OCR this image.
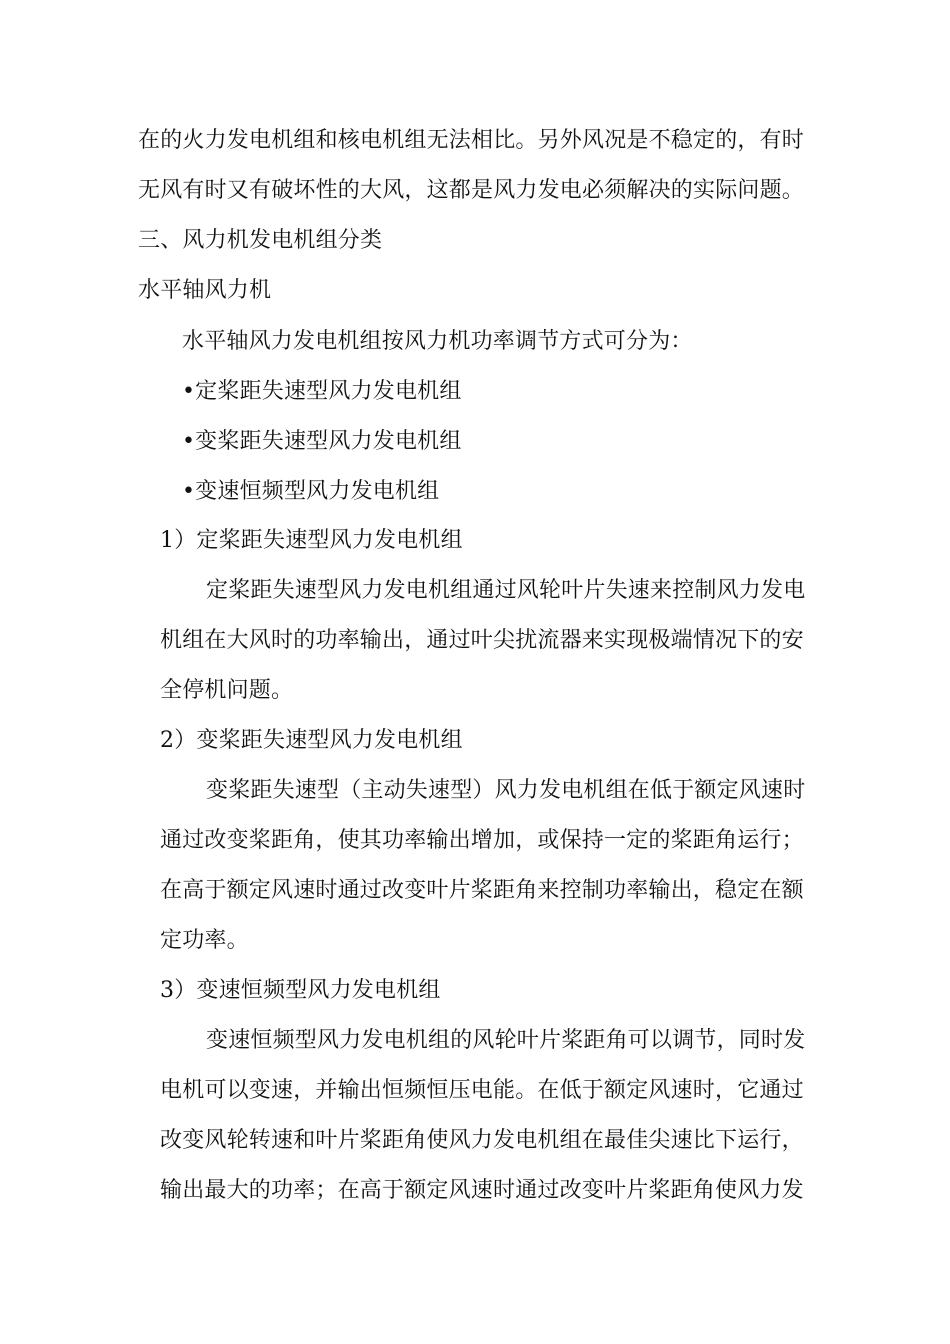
在的火力发电机组和核电机组无法相比。另外风况是不稳定的，有时
无风有时又有破坏性的大风，这都是风力发电必须解决的实际问题。
三、风力机发电机组分类
水平轴风力机
水平轴风力发电机组按风力机功率调节方式可分为：
•定桨距失速型风力发电机组
•变桨距失速型风力发电机组
•变速恒频型风力发电机组
1）定桨距失速型风力发电机组
定桨距失速型风力发电机组通过风轮叶片失速来控制风力发电
机组在大风时的功率输出，通过叶尖扰流器来实现极端情况下的安
全停机问题。
2）变桨距失速型风力发电机组
变桨距失速型（主动失速型）风力发电机组在低于额定风速时
通过改变桨距角，使其功率输出增加，或保持一定的桨距角运行；
在高于额定风速时通过改变叶片桨距角来控制功率输出，稳定在额
定功率。
3）变速恒频型风力发电机组
变速恒频型风力发电机组的风轮叶片桨距角可以调节，同时发
电机可以变速，并输出恒频恒压电能。在低于额定风速时，它通过
改变风轮转速和叶片桨距角使风力发电机组在最佳尖速比下运行，
输出最大的功率；在高于额定风速时通过改变叶片桨距角使风力发
